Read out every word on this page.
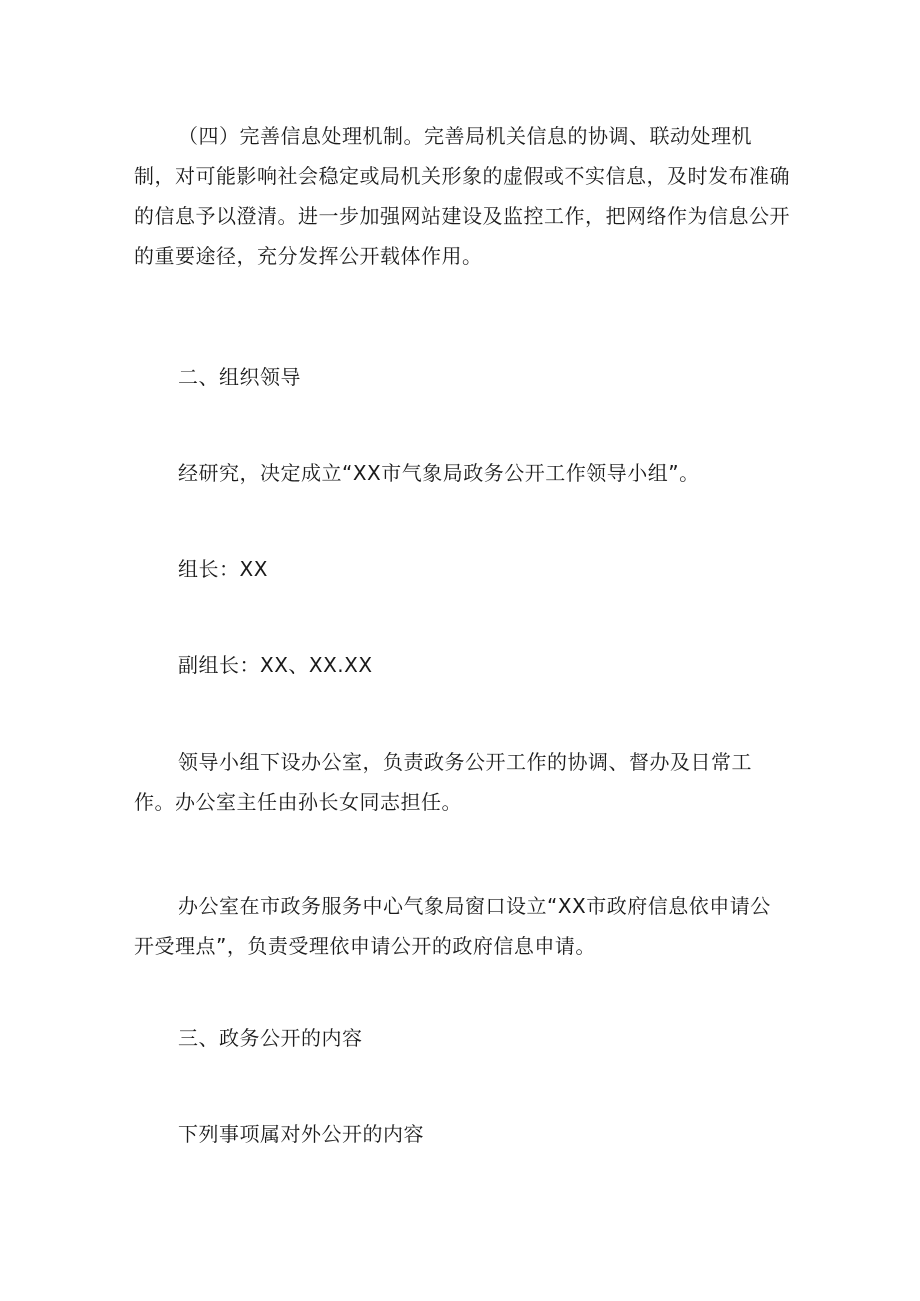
（四）完善信息处理机制。完善局机关信息的协调、联动处理机制，对可能影响社会稳定或局机关形象的虚假或不实信息，及时发布准确的信息予以澄清。进一步加强网站建设及监控工作，把网络作为信息公开的重要途径，充分发挥公开载体作用。

二、组织领导

经研究，决定成立“XX市气象局政务公开工作领导小组”。

组长：XX

副组长：XX、XX.XX

领导小组下设办公室，负责政务公开工作的协调、督办及日常工作。办公室主任由孙长女同志担任。

办公室在市政务服务中心气象局窗口设立“XX市政府信息依申请公开受理点”，负责受理依申请公开的政府信息申请。

三、政务公开的内容

下列事项属对外公开的内容
